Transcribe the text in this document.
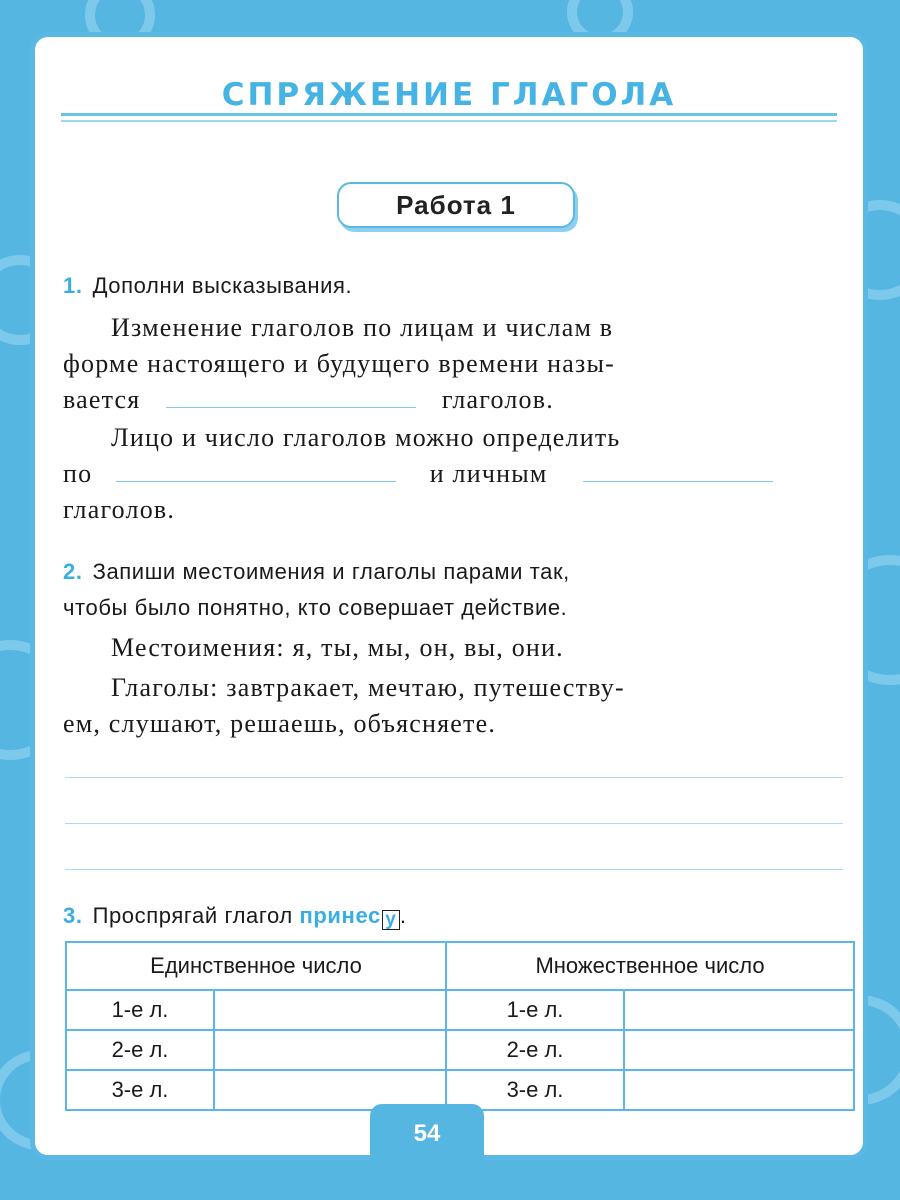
СПРЯЖЕНИЕ ГЛАГОЛА
Работа 1
1. Дополни высказывания.
Изменение глаголов по лицам и числам в
форме настоящего и будущего времени назы-
вается	глаголов.
Лицо и число глаголов можно определить
по	и личным
глаголов.
2. Запиши местоимения и глаголы парами так,
чтобы было понятно, кто совершает действие.
Местоимения: я, ты, мы, он, вы, они.
Глаголы: завтракает, мечтаю, путешеству-
ем, слушают, решаешь, объясняете.
3. Проспрягай глагол принес у .
Единственное число		Множественное число	
1-е л.		1-е л.	
2-е л.		2-е л.	
3-е л.		3-е л.	
54
